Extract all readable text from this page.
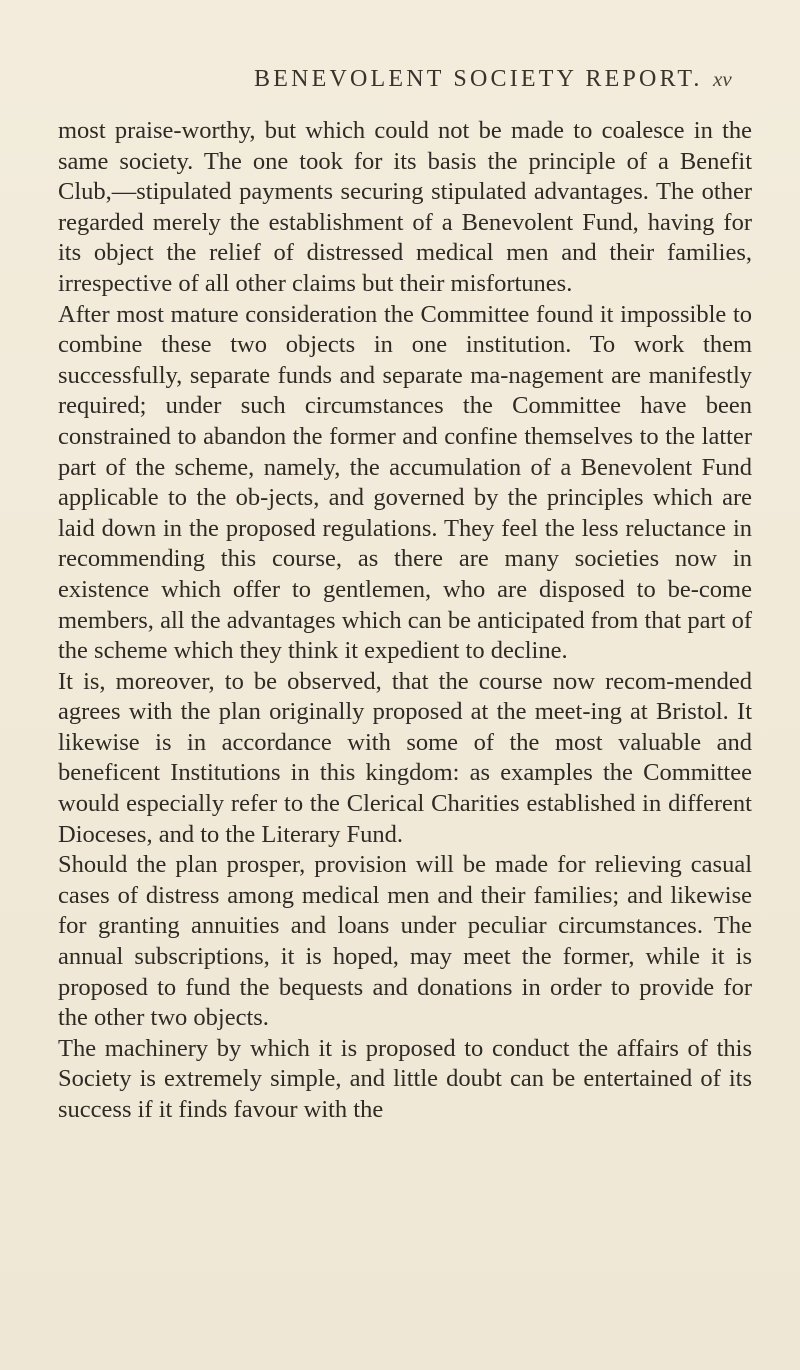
BENEVOLENT SOCIETY REPORT. xv

most praise-worthy, but which could not be made to coalesce in the same society. The one took for its basis the principle of a Benefit Club,—stipulated payments securing stipulated advantages. The other regarded merely the establishment of a Benevolent Fund, having for its object the relief of distressed medical men and their families, irrespective of all other claims but their misfortunes.

After most mature consideration the Committee found it impossible to combine these two objects in one institution. To work them successfully, separate funds and separate ma-nagement are manifestly required; under such circumstances the Committee have been constrained to abandon the former and confine themselves to the latter part of the scheme, namely, the accumulation of a Benevolent Fund applicable to the ob-jects, and governed by the principles which are laid down in the proposed regulations. They feel the less reluctance in recommending this course, as there are many societies now in existence which offer to gentlemen, who are disposed to be-come members, all the advantages which can be anticipated from that part of the scheme which they think it expedient to decline.

It is, moreover, to be observed, that the course now recom-mended agrees with the plan originally proposed at the meet-ing at Bristol. It likewise is in accordance with some of the most valuable and beneficent Institutions in this kingdom: as examples the Committee would especially refer to the Clerical Charities established in different Dioceses, and to the Literary Fund.

Should the plan prosper, provision will be made for relieving casual cases of distress among medical men and their families; and likewise for granting annuities and loans under peculiar circumstances. The annual subscriptions, it is hoped, may meet the former, while it is proposed to fund the bequests and donations in order to provide for the other two objects.

The machinery by which it is proposed to conduct the affairs of this Society is extremely simple, and little doubt can be entertained of its success if it finds favour with the
